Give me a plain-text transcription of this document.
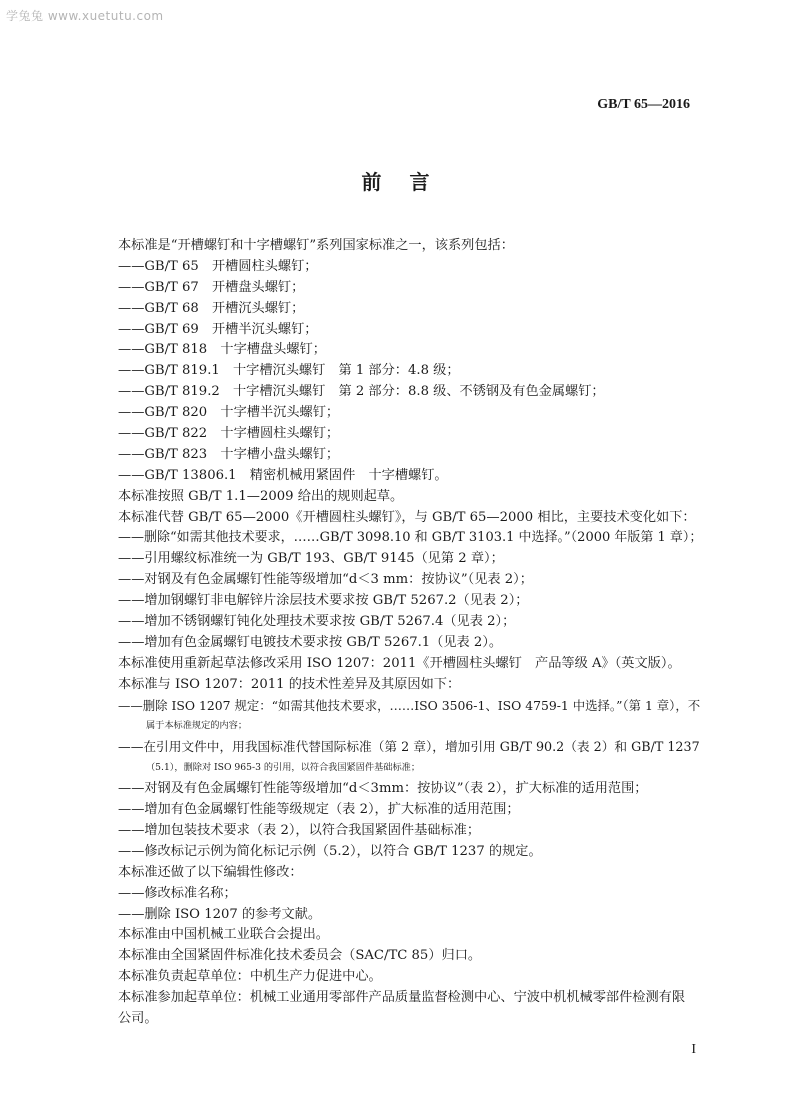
学兔兔 www.xuetutu.com
GB/T 65—2016
前言
本标准是“开槽螺钉和十字槽螺钉”系列国家标准之一，该系列包括：
——GB/T 65　开槽圆柱头螺钉；
——GB/T 67　开槽盘头螺钉；
——GB/T 68　开槽沉头螺钉；
——GB/T 69　开槽半沉头螺钉；
——GB/T 818　十字槽盘头螺钉；
——GB/T 819.1　十字槽沉头螺钉　第 1 部分：4.8 级；
——GB/T 819.2　十字槽沉头螺钉　第 2 部分：8.8 级、不锈钢及有色金属螺钉；
——GB/T 820　十字槽半沉头螺钉；
——GB/T 822　十字槽圆柱头螺钉；
——GB/T 823　十字槽小盘头螺钉；
——GB/T 13806.1　精密机械用紧固件　十字槽螺钉。
本标准按照 GB/T 1.1—2009 给出的规则起草。
本标准代替 GB/T 65—2000《开槽圆柱头螺钉》，与 GB/T 65—2000 相比，主要技术变化如下：
——删除“如需其他技术要求，……GB/T 3098.10 和 GB/T 3103.1 中选择。”（2000 年版第 1 章）；
——引用螺纹标准统一为 GB/T 193、GB/T 9145（见第 2 章）；
——对钢及有色金属螺钉性能等级增加“d＜3 mm：按协议”（见表 2）；
——增加钢螺钉非电解锌片涂层技术要求按 GB/T 5267.2（见表 2）；
——增加不锈钢螺钉钝化处理技术要求按 GB/T 5267.4（见表 2）；
——增加有色金属螺钉电镀技术要求按 GB/T 5267.1（见表 2）。
本标准使用重新起草法修改采用 ISO 1207：2011《开槽圆柱头螺钉　产品等级 A》（英文版）。
本标准与 ISO 1207：2011 的技术性差异及其原因如下：
——删除 ISO 1207 规定：“如需其他技术要求，……ISO 3506-1、ISO 4759-1 中选择。”（第 1 章），不
属于本标准规定的内容；
——在引用文件中，用我国标准代替国际标准（第 2 章），增加引用 GB/T 90.2（表 2）和 GB/T 1237
（5.1），删除对 ISO 965-3 的引用，以符合我国紧固件基础标准；
——对钢及有色金属螺钉性能等级增加“d＜3mm：按协议”（表 2），扩大标准的适用范围；
——增加有色金属螺钉性能等级规定（表 2），扩大标准的适用范围；
——增加包装技术要求（表 2），以符合我国紧固件基础标准；
——修改标记示例为简化标记示例（5.2），以符合 GB/T 1237 的规定。
本标准还做了以下编辑性修改：
——修改标准名称；
——删除 ISO 1207 的参考文献。
本标准由中国机械工业联合会提出。
本标准由全国紧固件标准化技术委员会（SAC/TC 85）归口。
本标准负责起草单位：中机生产力促进中心。
本标准参加起草单位：机械工业通用零部件产品质量监督检测中心、宁波中机机械零部件检测有限
公司。
I
